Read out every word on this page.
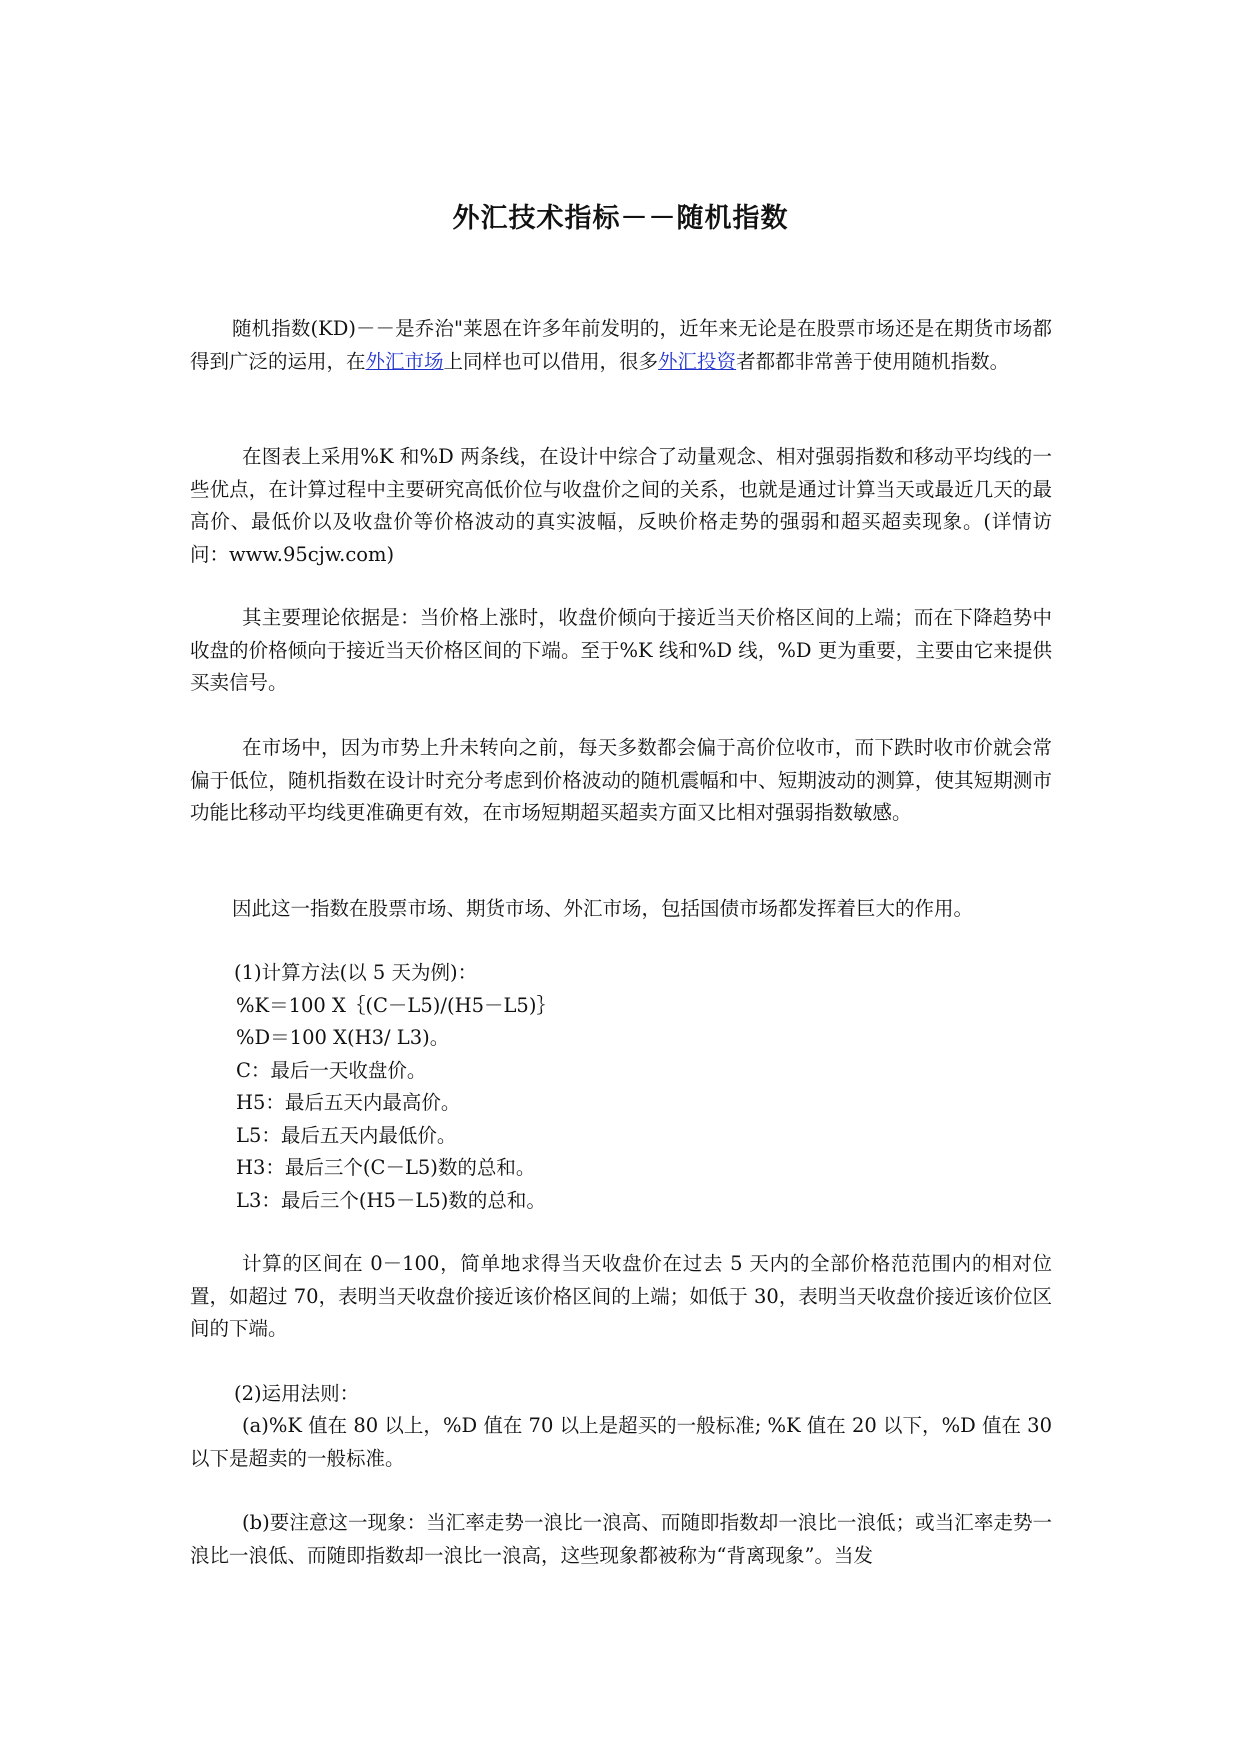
外汇技术指标－－随机指数

随机指数(KD)－－是乔治"莱恩在许多年前发明的，近年来无论是在股票市场还是在期货市场都得到广泛的运用，在外汇市场上同样也可以借用，很多外汇投资者都都非常善于使用随机指数。

在图表上采用%K 和%D 两条线，在设计中综合了动量观念、相对强弱指数和移动平均线的一些优点，在计算过程中主要研究高低价位与收盘价之间的关系，也就是通过计算当天或最近几天的最高价、最低价以及收盘价等价格波动的真实波幅，反映价格走势的强弱和超买超卖现象。(详情访问：www.95cjw.com)

其主要理论依据是：当价格上涨时，收盘价倾向于接近当天价格区间的上端；而在下降趋势中收盘的价格倾向于接近当天价格区间的下端。至于%K 线和%D 线，%D 更为重要，主要由它来提供买卖信号。

在市场中，因为市势上升未转向之前，每天多数都会偏于高价位收市，而下跌时收市价就会常偏于低位，随机指数在设计时充分考虑到价格波动的随机震幅和中、短期波动的测算，使其短期测市功能比移动平均线更准确更有效，在市场短期超买超卖方面又比相对强弱指数敏感。

因此这一指数在股票市场、期货市场、外汇市场，包括国债市场都发挥着巨大的作用。

(1)计算方法(以 5 天为例)：
%K＝100 X｛(C－L5)/(H5－L5)｝
%D＝100 X(H3/ L3)。
C：最后一天收盘价。
H5：最后五天内最高价。
L5：最后五天内最低价。
H3：最后三个(C－L5)数的总和。
L3：最后三个(H5－L5)数的总和。

计算的区间在 0－100，简单地求得当天收盘价在过去 5 天内的全部价格范范围内的相对位置，如超过 70，表明当天收盘价接近该价格区间的上端；如低于 30，表明当天收盘价接近该价位区间的下端。

(2)运用法则：

(a)%K 值在 80 以上，%D 值在 70 以上是超买的一般标准; %K 值在 20 以下，%D 值在 30 以下是超卖的一般标准。

(b)要注意这一现象：当汇率走势一浪比一浪高、而随即指数却一浪比一浪低；或当汇率走势一浪比一浪低、而随即指数却一浪比一浪高，这些现象都被称为“背离现象”。当发
